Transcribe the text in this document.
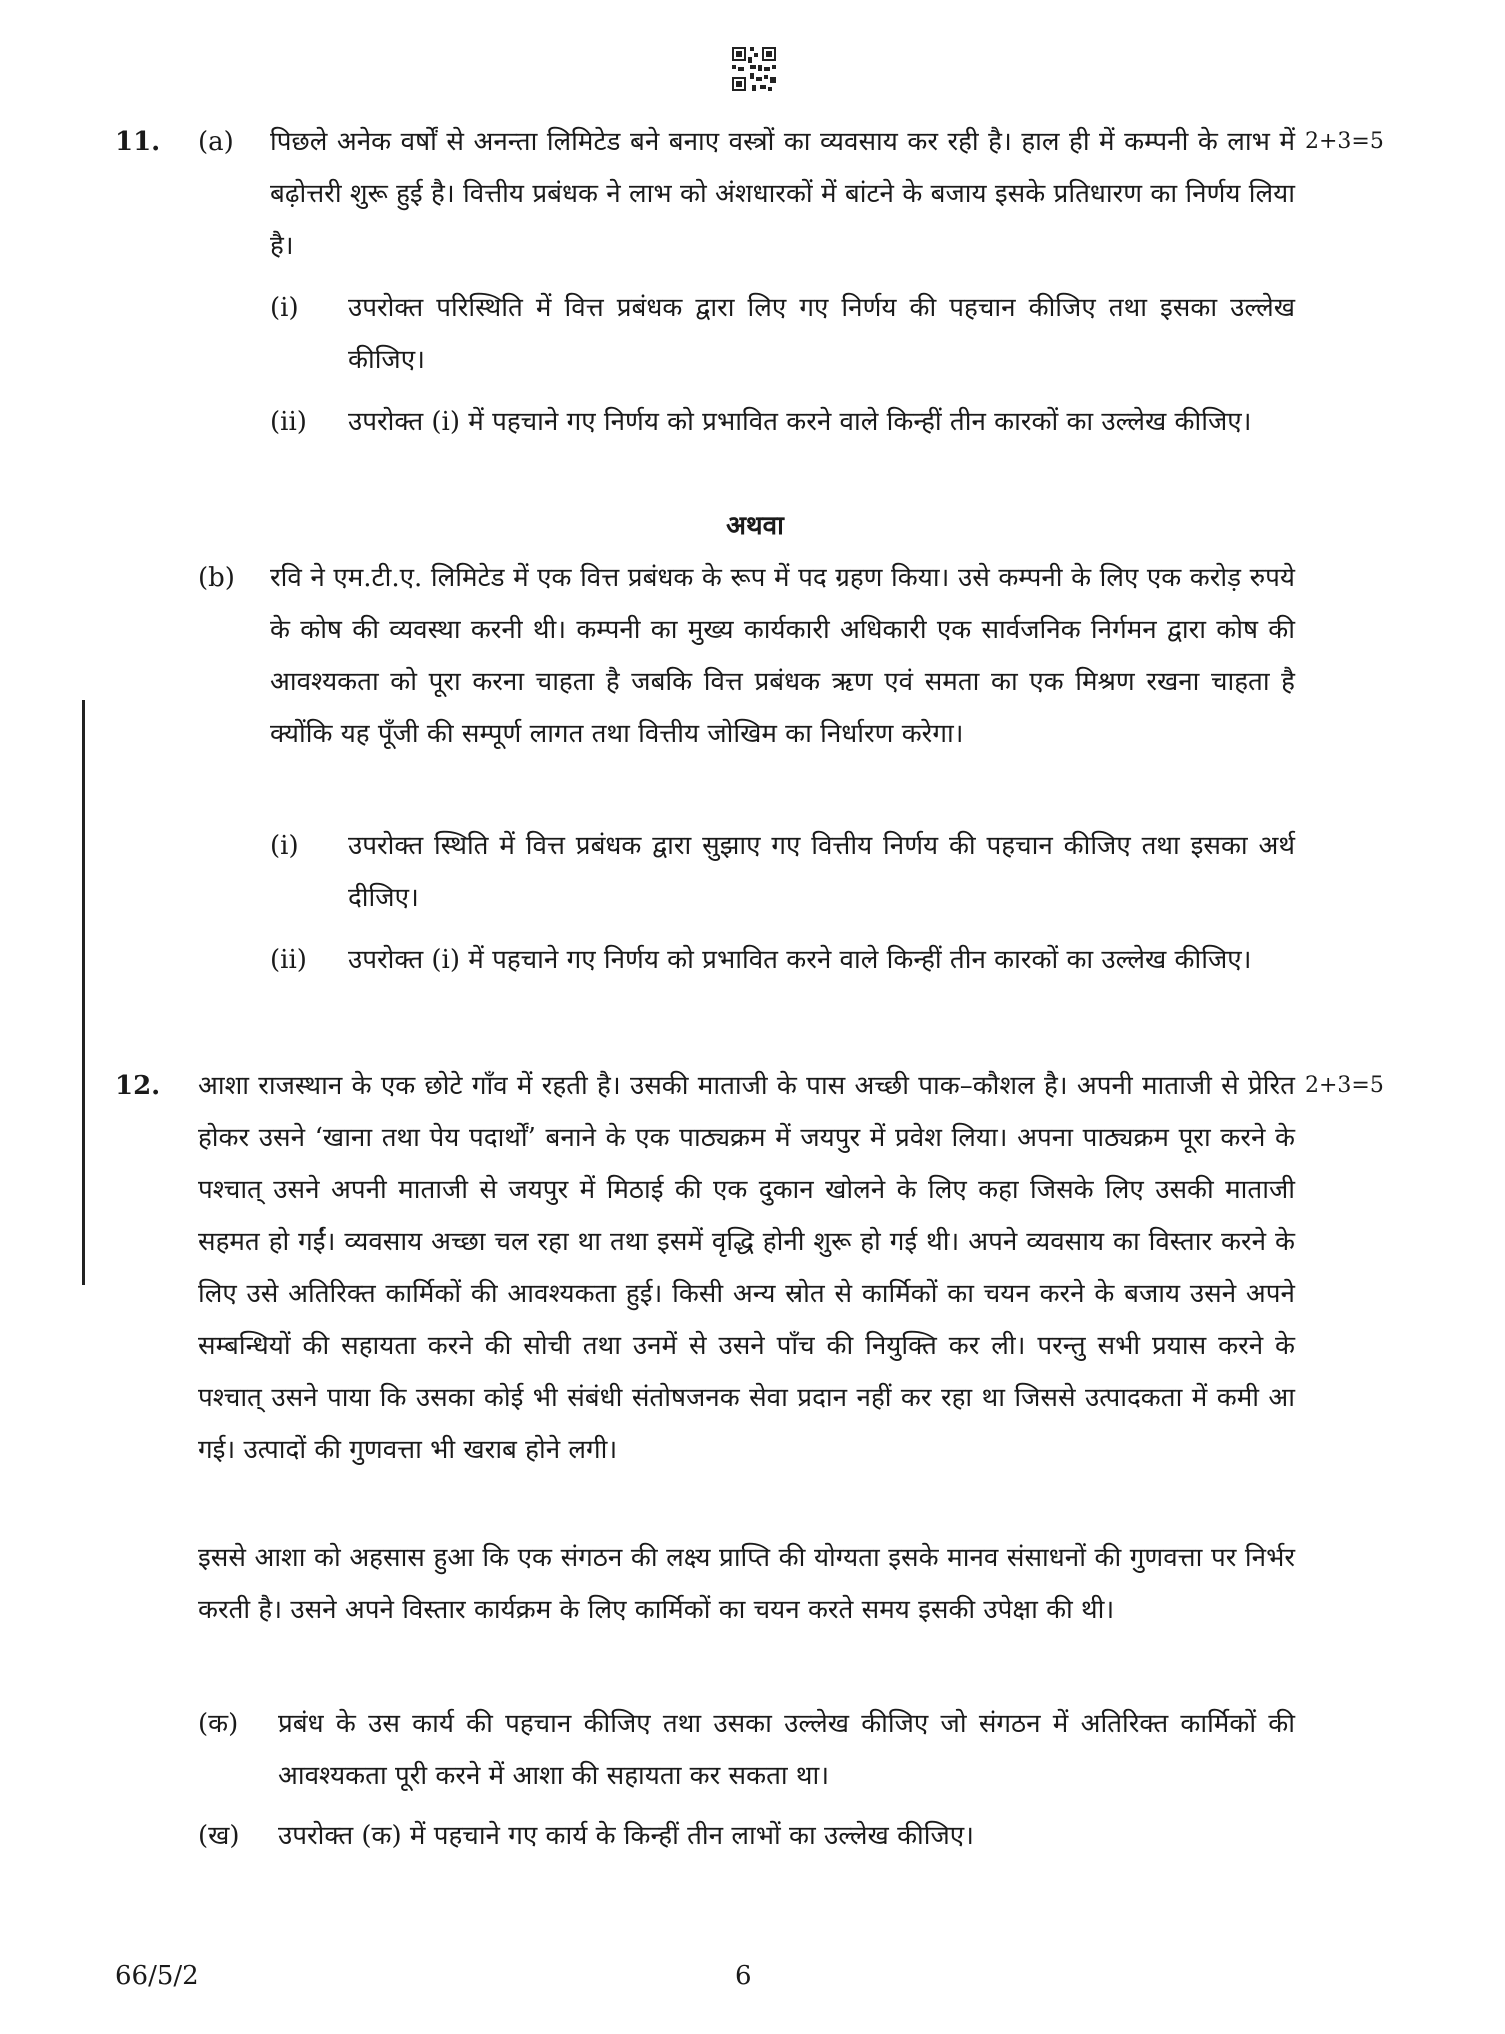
11.	2+3=5
(a) पिछले अनेक वर्षों से अनन्ता लिमिटेड बने बनाए वस्त्रों का व्यवसाय कर रही है। हाल ही में कम्पनी के लाभ में बढ़ोत्तरी शुरू हुई है। वित्तीय प्रबंधक ने लाभ को अंशधारकों में बांटने के बजाय इसके प्रतिधारण का निर्णय लिया है।
(i) उपरोक्त परिस्थिति में वित्त प्रबंधक द्वारा लिए गए निर्णय की पहचान कीजिए तथा इसका उल्लेख कीजिए।
(ii) उपरोक्त (i) में पहचाने गए निर्णय को प्रभावित करने वाले किन्हीं तीन कारकों का उल्लेख कीजिए।
अथवा
(b) रवि ने एम.टी.ए. लिमिटेड में एक वित्त प्रबंधक के रूप में पद ग्रहण किया। उसे कम्पनी के लिए एक करोड़ रुपये के कोष की व्यवस्था करनी थी। कम्पनी का मुख्य कार्यकारी अधिकारी एक सार्वजनिक निर्गमन द्वारा कोष की आवश्यकता को पूरा करना चाहता है जबकि वित्त प्रबंधक ऋण एवं समता का एक मिश्रण रखना चाहता है क्योंकि यह पूँजी की सम्पूर्ण लागत तथा वित्तीय जोखिम का निर्धारण करेगा।
(i) उपरोक्त स्थिति में वित्त प्रबंधक द्वारा सुझाए गए वित्तीय निर्णय की पहचान कीजिए तथा इसका अर्थ दीजिए।
(ii) उपरोक्त (i) में पहचाने गए निर्णय को प्रभावित करने वाले किन्हीं तीन कारकों का उल्लेख कीजिए।
12.	2+3=5
आशा राजस्थान के एक छोटे गाँव में रहती है। उसकी माताजी के पास अच्छी पाक–कौशल है। अपनी माताजी से प्रेरित होकर उसने ‘खाना तथा पेय पदार्थों’ बनाने के एक पाठ्यक्रम में जयपुर में प्रवेश लिया। अपना पाठ्यक्रम पूरा करने के पश्चात् उसने अपनी माताजी से जयपुर में मिठाई की एक दुकान खोलने के लिए कहा जिसके लिए उसकी माताजी सहमत हो गईं। व्यवसाय अच्छा चल रहा था तथा इसमें वृद्धि होनी शुरू हो गई थी। अपने व्यवसाय का विस्तार करने के लिए उसे अतिरिक्त कार्मिकों की आवश्यकता हुई। किसी अन्य स्रोत से कार्मिकों का चयन करने के बजाय उसने अपने सम्बन्धियों की सहायता करने की सोची तथा उनमें से उसने पाँच की नियुक्ति कर ली। परन्तु सभी प्रयास करने के पश्चात् उसने पाया कि उसका कोई भी संबंधी संतोषजनक सेवा प्रदान नहीं कर रहा था जिससे उत्पादकता में कमी आ गई। उत्पादों की गुणवत्ता भी खराब होने लगी।
इससे आशा को अहसास हुआ कि एक संगठन की लक्ष्य प्राप्ति की योग्यता इसके मानव संसाधनों की गुणवत्ता पर निर्भर करती है। उसने अपने विस्तार कार्यक्रम के लिए कार्मिकों का चयन करते समय इसकी उपेक्षा की थी।
(क) प्रबंध के उस कार्य की पहचान कीजिए तथा उसका उल्लेख कीजिए जो संगठन में अतिरिक्त कार्मिकों की आवश्यकता पूरी करने में आशा की सहायता कर सकता था।
(ख) उपरोक्त (क) में पहचाने गए कार्य के किन्हीं तीन लाभों का उल्लेख कीजिए।
66/5/2	6
